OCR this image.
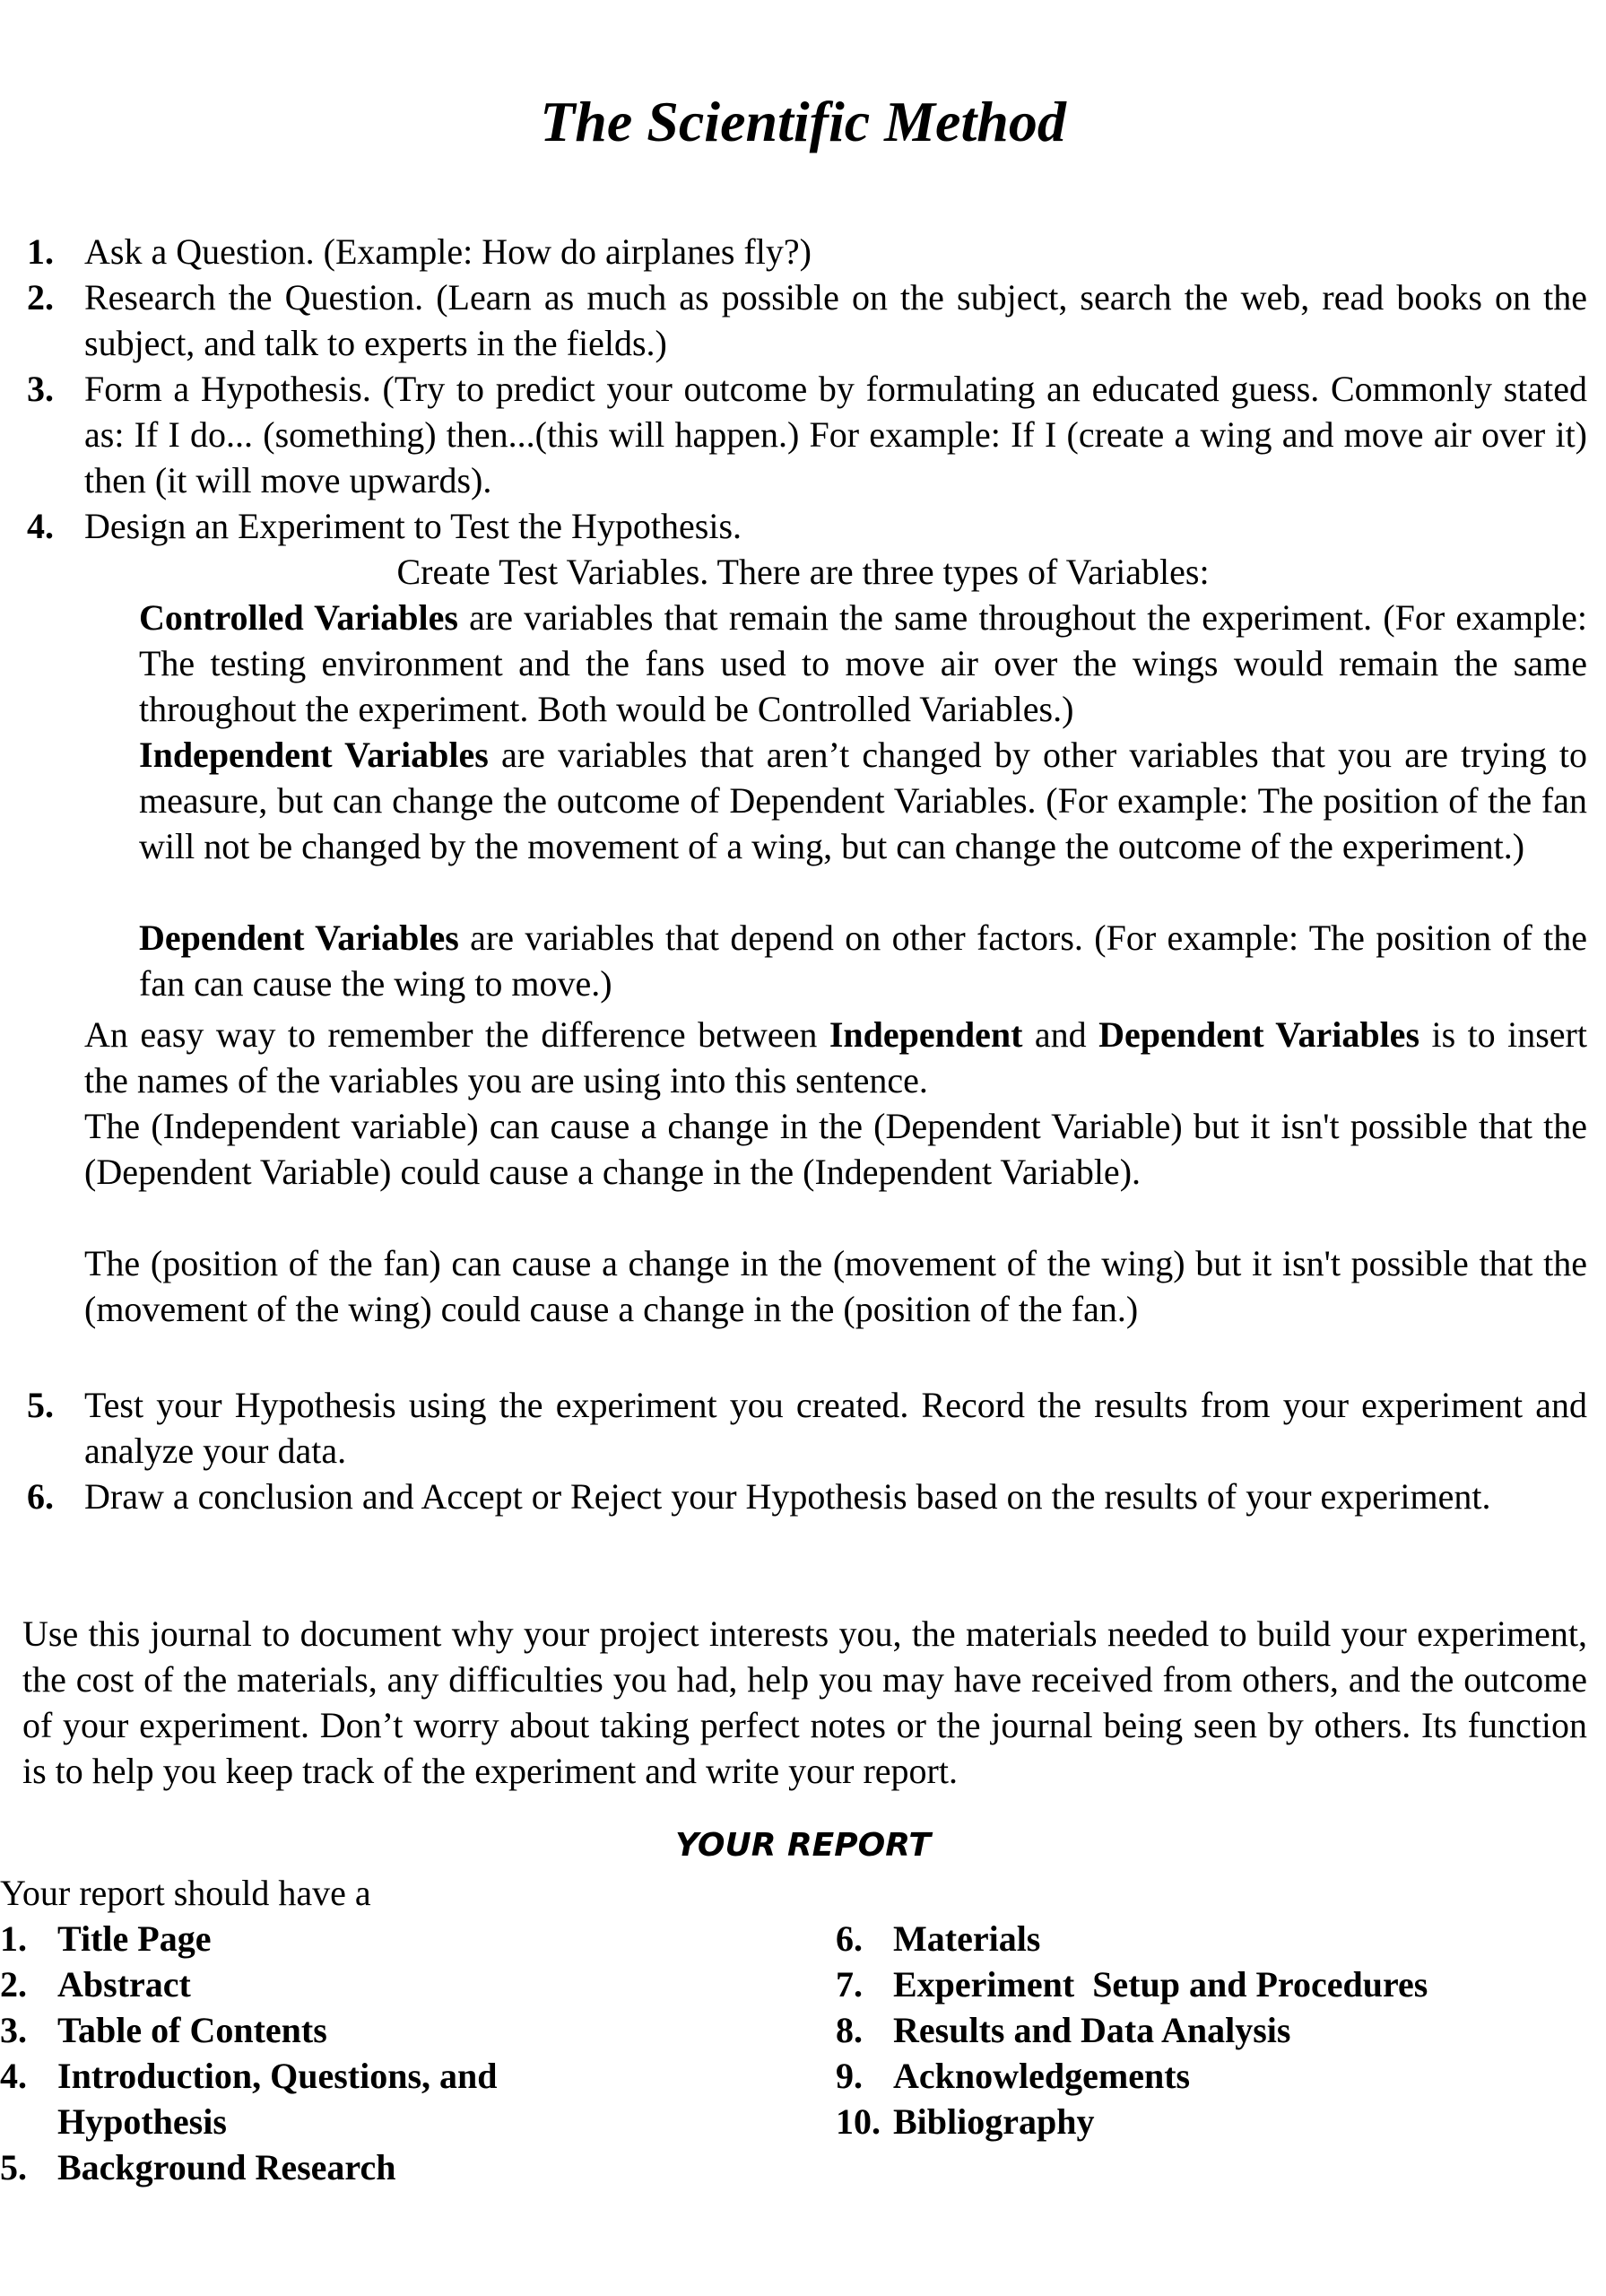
The Scientific Method
1. Ask a Question. (Example: How do airplanes fly?)

2. Research the Question. (Learn as much as possible on the subject, search the web, read books on the subject, and talk to experts in the fields.)

3. Form a Hypothesis. (Try to predict your outcome by formulating an educated guess. Commonly stated as: If I do... (something) then...(this will happen.) For example: If I (create a wing and move air over it) then (it will move upwards).

4. Design an Experiment to Test the Hypothesis.

Create Test Variables. There are three types of Variables:

Controlled Variables are variables that remain the same throughout the experiment. (For example: The testing environment and the fans used to move air over the wings would remain the same throughout the experiment. Both would be Controlled Variables.)

Independent Variables are variables that aren’t changed by other variables that you are trying to measure, but can change the outcome of Dependent Variables. (For example: The position of the fan will not be changed by the movement of a wing, but can change the outcome of the experiment.)

Dependent Variables are variables that depend on other factors. (For example: The position of the fan can cause the wing to move.)

An easy way to remember the difference between Independent and Dependent Variables is to insert the names of the variables you are using into this sentence.

The (Independent variable) can cause a change in the (Dependent Variable) but it isn't possible that the (Dependent Variable) could cause a change in the (Independent Variable).

The (position of the fan) can cause a change in the (movement of the wing) but it isn't possible that the (movement of the wing) could cause a change in the (position of the fan.)

5. Test your Hypothesis using the experiment you created. Record the results from your experiment and analyze your data.

6. Draw a conclusion and Accept or Reject your Hypothesis based on the results of your experiment.

Use this journal to document why your project interests you, the materials needed to build your experiment, the cost of the materials, any difficulties you had, help you may have received from others, and the outcome of your experiment. Don’t worry about taking perfect notes or the journal being seen by others. Its function is to help you keep track of the experiment and write your report.

YOUR REPORT

Your report should have a

1. Title Page
2. Abstract
3. Table of Contents
4. Introduction, Questions, and Hypothesis
5. Background Research
6. Materials
7. Experiment  Setup and Procedures
8. Results and Data Analysis
9. Acknowledgements
10. Bibliography
